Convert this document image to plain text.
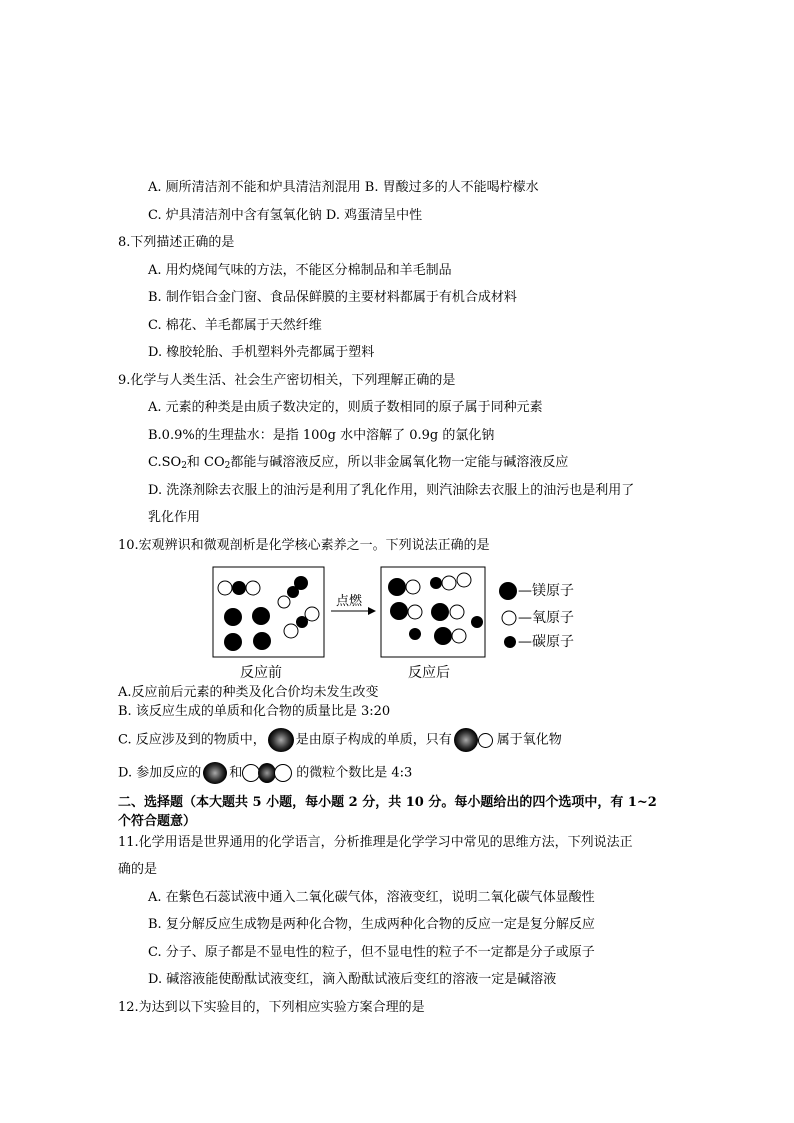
A. 厕所清洁剂不能和炉具清洁剂混用 B. 胃酸过多的人不能喝柠檬水
C. 炉具清洁剂中含有氢氧化钠 D. 鸡蛋清呈中性
8.下列描述正确的是
A. 用灼烧闻气味的方法，不能区分棉制品和羊毛制品
B. 制作铝合金门窗、食品保鲜膜的主要材料都属于有机合成材料
C. 棉花、羊毛都属于天然纤维
D. 橡胶轮胎、手机塑料外壳都属于塑料
9.化学与人类生活、社会生产密切相关，下列理解正确的是
A. 元素的种类是由质子数决定的，则质子数相同的原子属于同种元素
B.0.9%的生理盐水：是指 100g 水中溶解了 0.9g 的氯化钠
$C.SO_2$和 $CO_2$都能与碱溶液反应，所以非金属氧化物一定能与碱溶液反应
D. 洗涤剂除去衣服上的油污是利用了乳化作用，则汽油除去衣服上的油污也是利用了
乳化作用
10.宏观辨识和微观剖析是化学核心素养之一。下列说法正确的是
点燃
—镁原子
—氧原子
—碳原子
反应前	反应后
A.反应前后元素的种类及化合价均未发生改变
B. 该反应生成的单质和化合物的质量比是 3:20
C. 反应涉及到的物质中， 是由原子构成的单质，只有	属于氧化物
D. 参加反应的 和	的微粒个数比是 4:3
二、选择题（本大题共 5 小题，每小题 2 分，共 10 分。每小题给出的四个选项中，有 1~2
个符合题意）
11.化学用语是世界通用的化学语言，分析推理是化学学习中常见的思维方法，下列说法正
确的是
A. 在紫色石蕊试液中通入二氧化碳气体，溶液变红，说明二氧化碳气体显酸性
B. 复分解反应生成物是两种化合物，生成两种化合物的反应一定是复分解反应
C. 分子、原子都是不显电性的粒子，但不显电性的粒子不一定都是分子或原子
D. 碱溶液能使酚酞试液变红，滴入酚酞试液后变红的溶液一定是碱溶液
12.为达到以下实验目的，下列相应实验方案合理的是
